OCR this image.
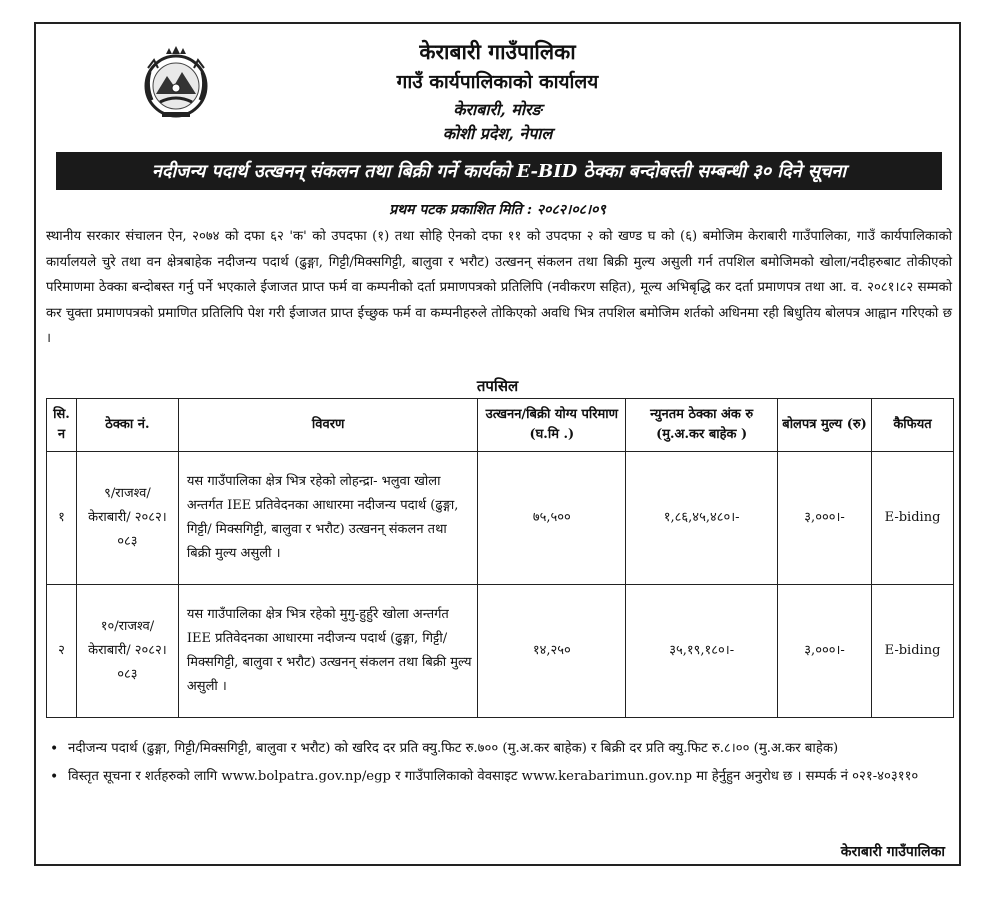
केराबारी गाउँपालिका
गाउँ कार्यपालिकाको कार्यालय
केराबारी, मोरङ
कोशी प्रदेश, नेपाल
नदीजन्य पदार्थ उत्खनन् संकलन तथा बिक्री गर्ने कार्यको E-BID ठेक्का बन्दोबस्ती सम्बन्धी ३० दिने सूचना
प्रथम पटक प्रकाशित मिति : २०८२।०८।०९
स्थानीय सरकार संचालन ऐन, २०७४ को दफा ६२ 'क' को उपदफा (१) तथा सोहि ऐनको दफा ११ को उपदफा २ को खण्ड घ को (६) बमोजिम केराबारी गाउँपालिका, गाउँ कार्यपालिकाको कार्यालयले चुरे तथा वन क्षेत्रबाहेक नदीजन्य पदार्थ (ढुङ्गा, गिट्टी/मिक्सगिट्टी, बालुवा र भरौट) उत्खनन् संकलन तथा बिक्री मुल्य असुली गर्न तपशिल बमोजिमको खोला/नदीहरुबाट तोकीएको परिमाणमा ठेक्का बन्दोबस्त गर्नु पर्ने भएकाले ईजाजत प्राप्त फर्म वा कम्पनीको दर्ता प्रमाणपत्रको प्रतिलिपि (नवीकरण सहित), मूल्य अभिबृद्धि कर दर्ता प्रमाणपत्र तथा आ. व. २०८१।८२ सम्मको कर चुक्ता प्रमाणपत्रको प्रमाणित प्रतिलिपि पेश गरी ईजाजत प्राप्त ईच्छुक फर्म वा कम्पनीहरुले तोकिएको अवधि भित्र तपशिल बमोजिम शर्तको अधिनमा रही बिधुतिय बोलपत्र आह्वान गरिएको छ ।
तपसिल
सि. न	ठेक्का नं.	विवरण	उत्खनन/बिक्री योग्य परिमाण (घ.मि .)	न्युनतम ठेक्का अंक रु (मु.अ.कर बाहेक )	बोलपत्र मुल्य (रु)	कैफियत
१	९/राजश्व/ केराबारी/ २०८२।०८३	यस गाउँपालिका क्षेत्र भित्र रहेको लोहन्द्रा- भलुवा खोला अन्तर्गत IEE प्रतिवेदनका आधारमा नदीजन्य पदार्थ (ढुङ्गा, गिट्टी/ मिक्सगिट्टी, बालुवा र भरौट) उत्खनन् संकलन तथा बिक्री मुल्य असुली ।	७५,५००	१,८६,४५,४८०।-	३,०००।-	E-biding
२	१०/राजश्व/ केराबारी/ २०८२।०८३	यस गाउँपालिका क्षेत्र भित्र रहेको मुगु-हुर्हुरे खोला अन्तर्गत IEE प्रतिवेदनका आधारमा नदीजन्य पदार्थ (ढुङ्गा, गिट्टी/ मिक्सगिट्टी, बालुवा र भरौट) उत्खनन् संकलन तथा बिक्री मुल्य असुली ।	१४,२५०	३५,१९,१८०।-	३,०००।-	E-biding
• नदीजन्य पदार्थ (ढुङ्गा, गिट्टी/मिक्सगिट्टी, बालुवा र भरौट) को खरिद दर प्रति क्यु.फिट रु.७०० (मु.अ.कर बाहेक) र बिक्री दर प्रति क्यु.फिट रु.८।०० (मु.अ.कर बाहेक)
• विस्तृत सूचना र शर्तहरुको लागि www.bolpatra.gov.np/egp र गाउँपालिकाको वेवसाइट www.kerabarimun.gov.np मा हेर्नुहुन अनुरोध छ । सम्पर्क नं ०२१-४०३११०
केराबारी गाउँपालिका
